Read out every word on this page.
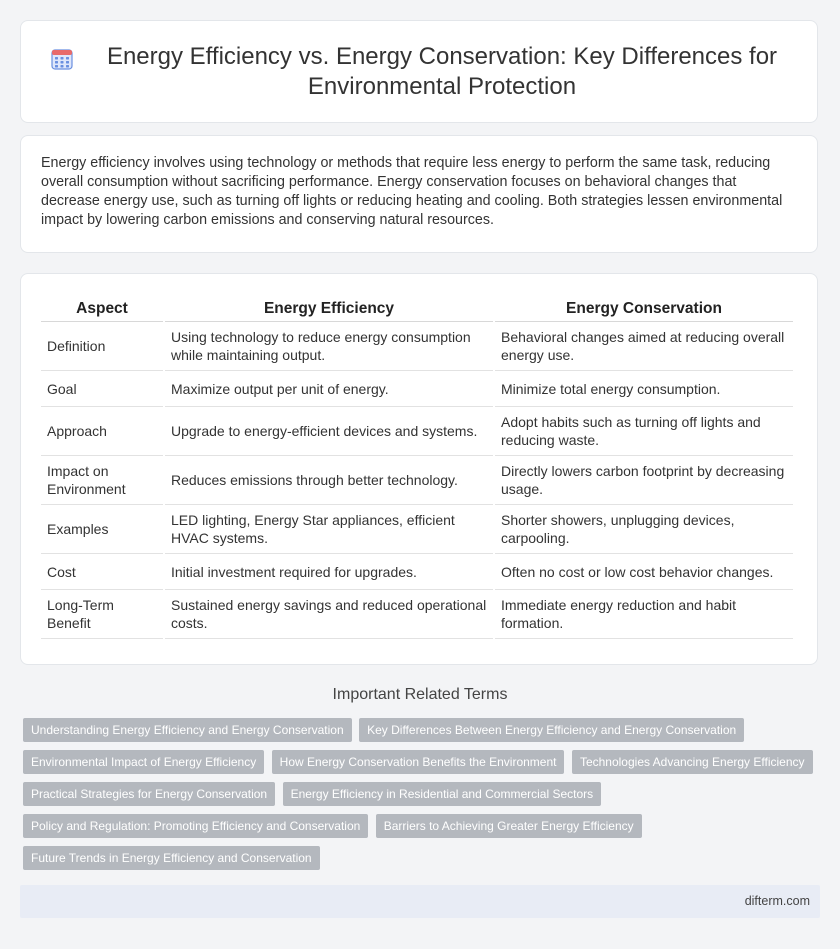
Energy Efficiency vs. Energy Conservation: Key Differences for Environmental Protection

Energy efficiency involves using technology or methods that require less energy to perform the same task, reducing overall consumption without sacrificing performance. Energy conservation focuses on behavioral changes that decrease energy use, such as turning off lights or reducing heating and cooling. Both strategies lessen environmental impact by lowering carbon emissions and conserving natural resources.

Aspect	Energy Efficiency	Energy Conservation
Definition	Using technology to reduce energy consumption while maintaining output.	Behavioral changes aimed at reducing overall energy use.
Goal	Maximize output per unit of energy.	Minimize total energy consumption.
Approach	Upgrade to energy-efficient devices and systems.	Adopt habits such as turning off lights and reducing waste.
Impact on Environment	Reduces emissions through better technology.	Directly lowers carbon footprint by decreasing usage.
Examples	LED lighting, Energy Star appliances, efficient HVAC systems.	Shorter showers, unplugging devices, carpooling.
Cost	Initial investment required for upgrades.	Often no cost or low cost behavior changes.
Long-Term Benefit	Sustained energy savings and reduced operational costs.	Immediate energy reduction and habit formation.
Important Related Terms
Understanding Energy Efficiency and Energy Conservation Key Differences Between Energy Efficiency and Energy Conservation Environmental Impact of Energy Efficiency How Energy Conservation Benefits the Environment Technologies Advancing Energy Efficiency Practical Strategies for Energy Conservation Energy Efficiency in Residential and Commercial Sectors Policy and Regulation: Promoting Efficiency and Conservation Barriers to Achieving Greater Energy Efficiency Future Trends in Energy Efficiency and Conservation
difterm.com
